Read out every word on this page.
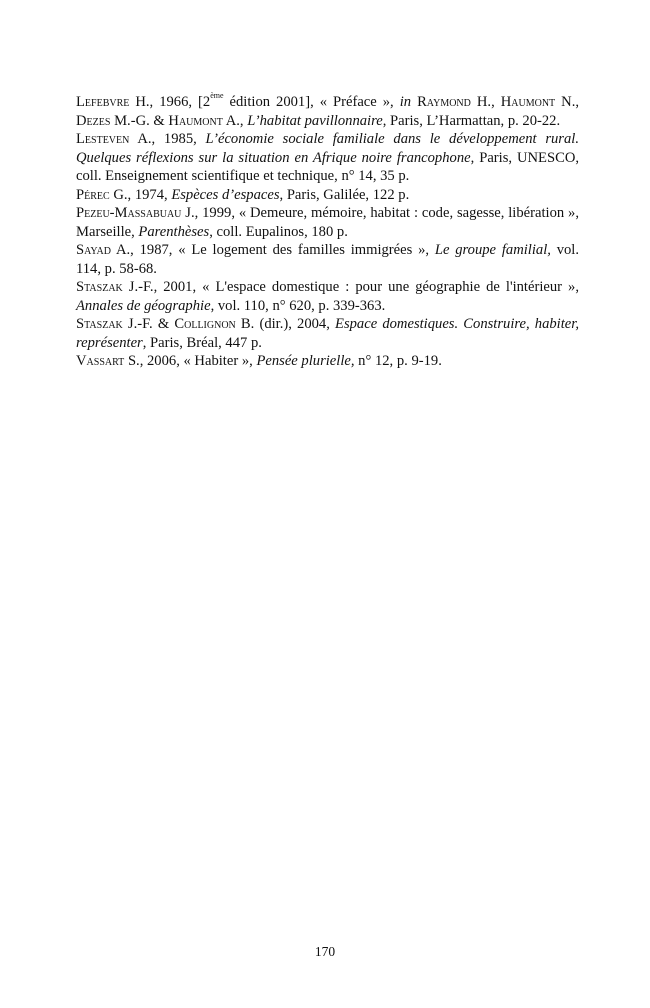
Lefebvre H., 1966, [2ème édition 2001], « Préface », in Raymond H., Haumont N., Dezes M.-G. & Haumont A., L’habitat pavillonnaire, Paris, L’Harmattan, p. 20-22.

Lesteven A., 1985, L’économie sociale familiale dans le développement rural. Quelques réflexions sur la situation en Afrique noire francophone, Paris, UNESCO, coll. Enseignement scientifique et technique, n° 14, 35 p.

Pérec G., 1974, Espèces d’espaces, Paris, Galilée, 122 p.

Pezeu-Massabuau J., 1999, « Demeure, mémoire, habitat : code, sagesse, libération », Marseille, Parenthèses, coll. Eupalinos, 180 p.

Sayad A., 1987, « Le logement des familles immigrées », Le groupe familial, vol. 114, p. 58-68.

Staszak J.-F., 2001, « L'espace domestique : pour une géographie de l'intérieur », Annales de géographie, vol. 110, n° 620, p. 339-363.

Staszak J.-F. & Collignon B. (dir.), 2004, Espace domestiques. Construire, habiter, représenter, Paris, Bréal, 447 p.

Vassart S., 2006, « Habiter », Pensée plurielle, n° 12, p. 9-19.

170
